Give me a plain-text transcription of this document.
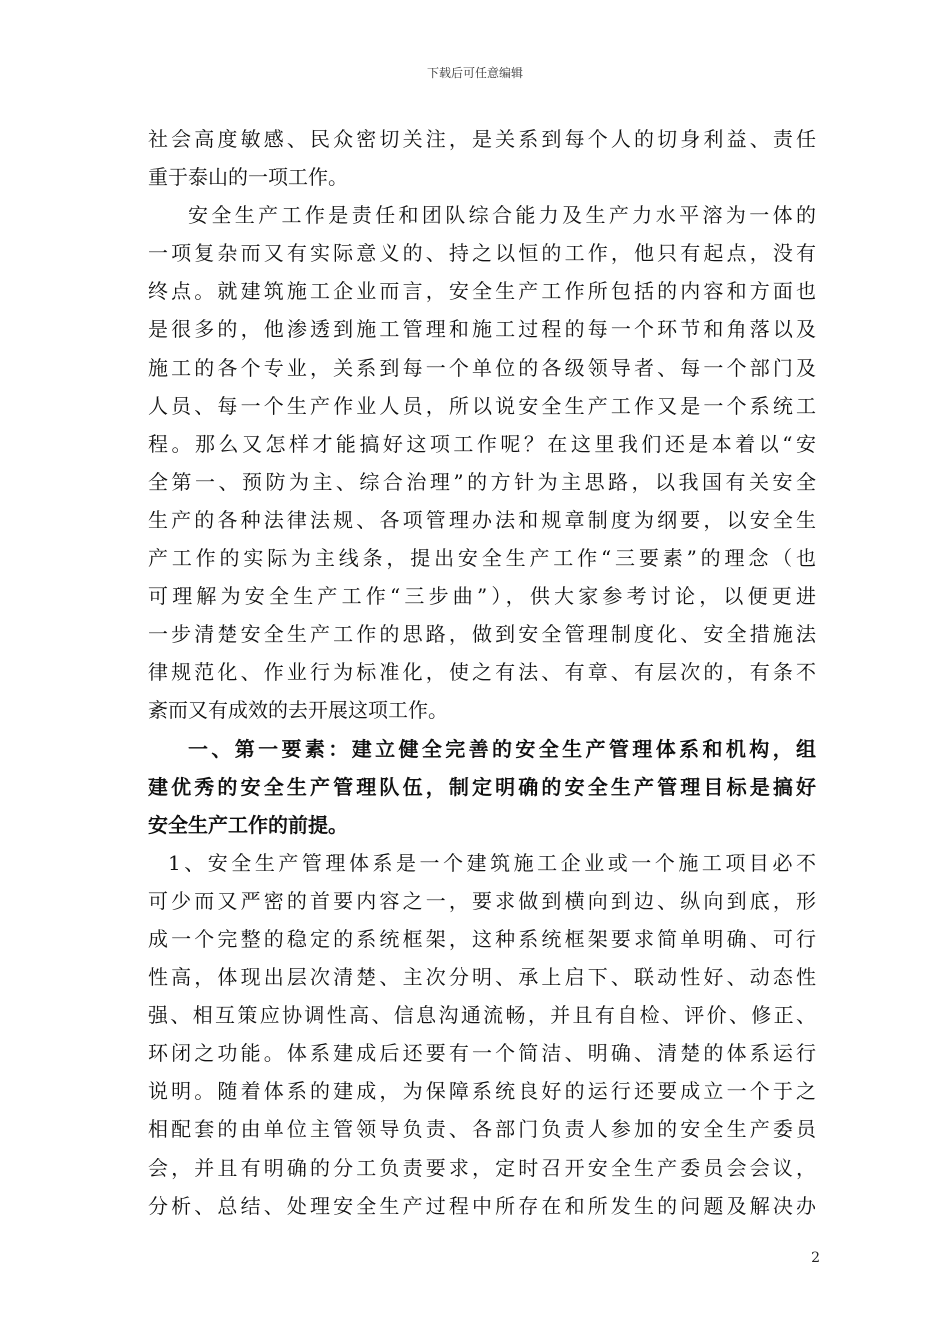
下载后可任意编辑
社会高度敏感、民众密切关注，是关系到每个人的切身利益、责任
重于泰山的一项工作。
安全生产工作是责任和团队综合能力及生产力水平溶为一体的
一项复杂而又有实际意义的、持之以恒的工作，他只有起点，没有
终点。就建筑施工企业而言，安全生产工作所包括的内容和方面也
是很多的，他渗透到施工管理和施工过程的每一个环节和角落以及
施工的各个专业，关系到每一个单位的各级领导者、每一个部门及
人员、每一个生产作业人员，所以说安全生产工作又是一个系统工
程。那么又怎样才能搞好这项工作呢？在这里我们还是本着以“安
全第一、预防为主、综合治理”的方针为主思路，以我国有关安全
生产的各种法律法规、各项管理办法和规章制度为纲要，以安全生
产工作的实际为主线条，提出安全生产工作“三要素”的理念（也
可理解为安全生产工作“三步曲”），供大家参考讨论，以便更进
一步清楚安全生产工作的思路，做到安全管理制度化、安全措施法
律规范化、作业行为标准化，使之有法、有章、有层次的，有条不
紊而又有成效的去开展这项工作。
一、第一要素：建立健全完善的安全生产管理体系和机构，组
建优秀的安全生产管理队伍，制定明确的安全生产管理目标是搞好
安全生产工作的前提。
1、安全生产管理体系是一个建筑施工企业或一个施工项目必不
可少而又严密的首要内容之一，要求做到横向到边、纵向到底，形
成一个完整的稳定的系统框架，这种系统框架要求简单明确、可行
性高，体现出层次清楚、主次分明、承上启下、联动性好、动态性
强、相互策应协调性高、信息沟通流畅，并且有自检、评价、修正、
环闭之功能。体系建成后还要有一个简洁、明确、清楚的体系运行
说明。随着体系的建成，为保障系统良好的运行还要成立一个于之
相配套的由单位主管领导负责、各部门负责人参加的安全生产委员
会，并且有明确的分工负责要求，定时召开安全生产委员会会议，
分析、总结、处理安全生产过程中所存在和所发生的问题及解决办
2
